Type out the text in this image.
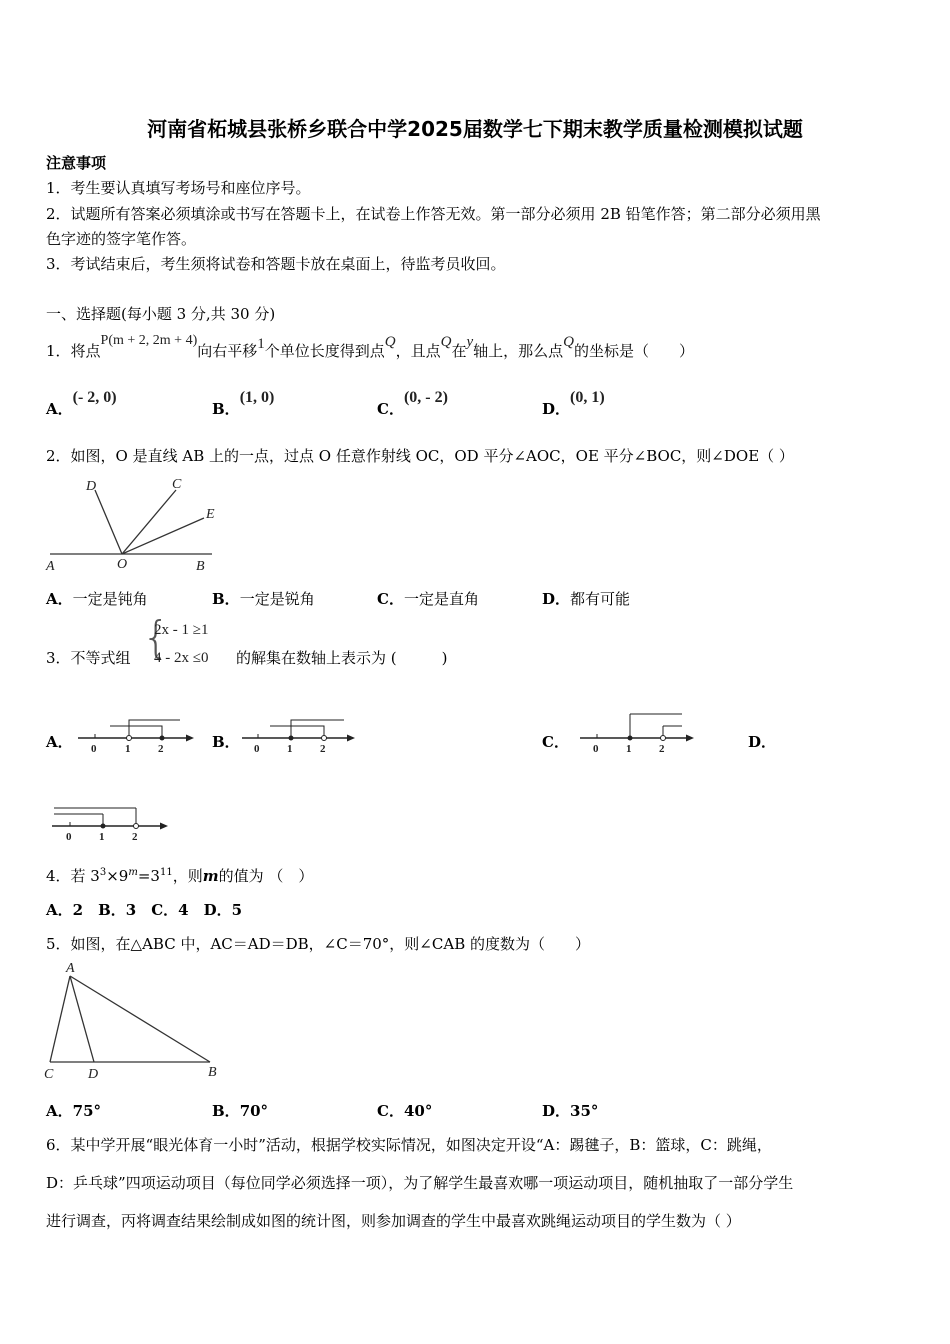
河南省柘城县张桥乡联合中学2025届数学七下期末教学质量检测模拟试题
注意事项
1．考生要认真填写考场号和座位序号。
2．试题所有答案必须填涂或书写在答题卡上，在试卷上作答无效。第一部分必须用 2B 铅笔作答；第二部分必须用黑
色字迹的签字笔作答。
3．考试结束后，考生须将试卷和答题卡放在桌面上，待监考员收回。
一、选择题(每小题 3 分,共 30 分)
1．将点P(m + 2, 2m + 4)向右平移1个单位长度得到点Q，且点Q在y轴上，那么点Q的坐标是（　　）
A．(- 2, 0)
B．(1, 0)
C．(0, - 2)
D．(0, 1)
2．如图，O 是直线 AB 上的一点，过点 O 任意作射线 OC，OD 平分∠AOC，OE 平分∠BOC，则∠DOE（ ）
D	C
E
A	O	B
A．一定是钝角	B．一定是锐角	C．一定是直角	D．都有可能
3．不等式组 {
2x - 1 ≥1
4 - 2x ≤0 的解集在数轴上表示为 (　　　)
A．	B．	C．	D．
0	1	2	0	1	2	0	1	2
0	1	2
4．若 $3^3\times 9^m=3^{11}$，则m的值为 （　）
A．2　B．3　C．4　D．5
5．如图，在△ABC 中，AC＝AD＝DB，∠C＝70°，则∠CAB 的度数为（　　）
A
C D	B
A．75°	B．70°	C．40°	D．35°
6．某中学开展“眼光体育一小时”活动，根据学校实际情况，如图决定开设“A：踢毽子，B：篮球，C：跳绳，
D：乒乓球”四项运动项目（每位同学必须选择一项），为了解学生最喜欢哪一项运动项目，随机抽取了一部分学生
进行调查，丙将调查结果绘制成如图的统计图，则参加调查的学生中最喜欢跳绳运动项目的学生数为（ ）
